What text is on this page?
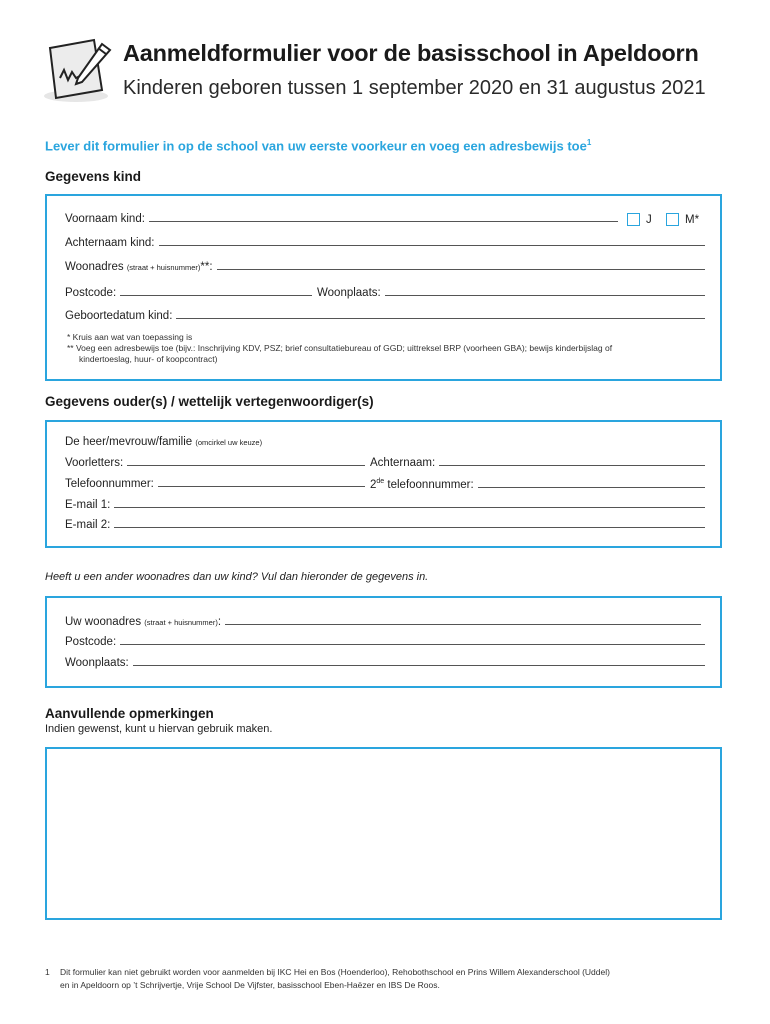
Aanmeldformulier voor de basisschool in Apeldoorn
Kinderen geboren tussen 1 september 2020 en 31 augustus 2021
Lever dit formulier in op de school van uw eerste voorkeur en voeg een adresbewijs toe$^1$
Gegevens kind
Voornaam kind:	J	M*
Achternaam kind:
Woonadres (straat + huisnummer)**:
Postcode:	Woonplaats:
Geboortedatum kind:
* Kruis aan wat van toepassing is
** Voeg een adresbewijs toe (bijv.: Inschrijving KDV, PSZ; brief consultatiebureau of GGD; uittreksel BRP (voorheen GBA); bewijs kinderbijslag of
kindertoeslag, huur- of koopcontract)
Gegevens ouder(s) / wettelijk vertegenwoordiger(s)
De heer/mevrouw/familie (omcirkel uw keuze)
Voorletters:	Achternaam:
Telefoonnummer:	2de telefoonnummer:
E-mail 1:
E-mail 2:
Heeft u een ander woonadres dan uw kind? Vul dan hieronder de gegevens in.
Uw woonadres (straat + huisnummer):
Postcode:
Woonplaats:
Aanvullende opmerkingen
Indien gewenst, kunt u hiervan gebruik maken.
1 Dit formulier kan niet gebruikt worden voor aanmelden bij IKC Hei en Bos (Hoenderloo), Rehobothschool en Prins Willem Alexanderschool (Uddel)
en in Apeldoorn op ’t Schrijvertje, Vrije School De Vijfster, basisschool Eben-Haëzer en IBS De Roos.
